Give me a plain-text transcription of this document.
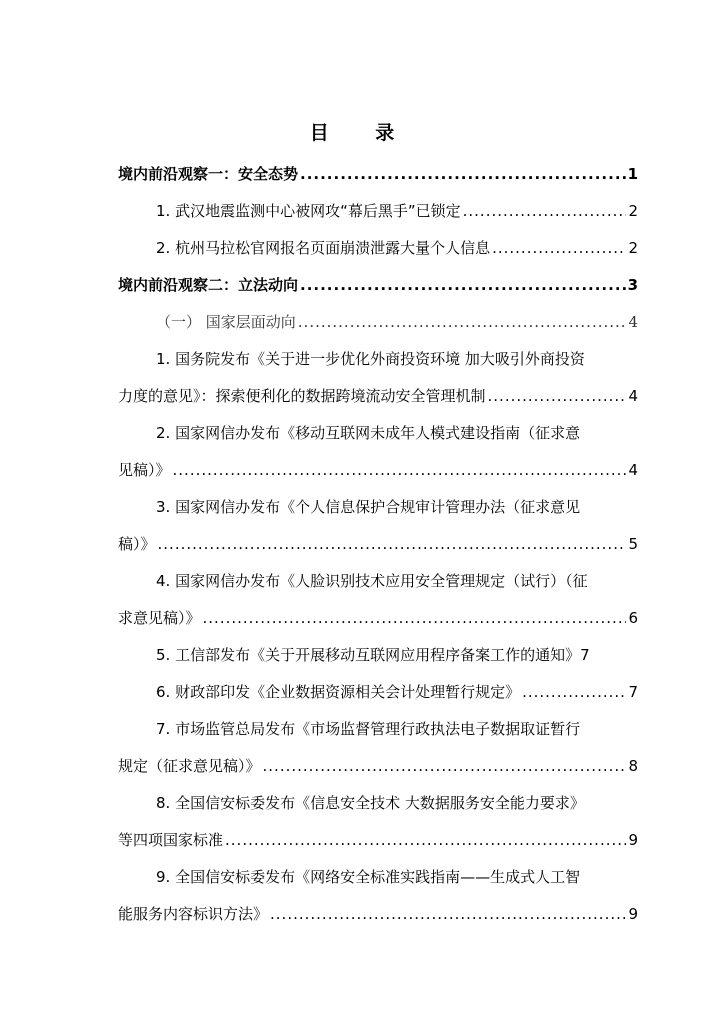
目 录
境内前沿观察一：安全态势 .....	1
1. 武汉地震监测中心被网攻“幕后黑手”已锁定 .....	2
2. 杭州马拉松官网报名页面崩溃泄露大量个人信息 .....	2
境内前沿观察二：立法动向 .....	3
（一） 国家层面动向 .....	4
1. 国务院发布《关于进一步优化外商投资环境 加大吸引外商投资
力度的意见》：探索便利化的数据跨境流动安全管理机制 .....	4
2. 国家网信办发布《移动互联网未成年人模式建设指南（征求意
见稿）》 .....	4
3. 国家网信办发布《个人信息保护合规审计管理办法（征求意见
稿）》 .....	5
4. 国家网信办发布《人脸识别技术应用安全管理规定（试行）（征
求意见稿）》 .....	6
5. 工信部发布《关于开展移动互联网应用程序备案工作的通知》 7
6. 财政部印发《企业数据资源相关会计处理暂行规定》 .....	7
7. 市场监管总局发布《市场监督管理行政执法电子数据取证暂行
规定（征求意见稿）》 .....	8
8. 全国信安标委发布《信息安全技术 大数据服务安全能力要求》
等四项国家标准 .....	9
9. 全国信安标委发布《网络安全标准实践指南——生成式人工智
能服务内容标识方法》 .....	9
